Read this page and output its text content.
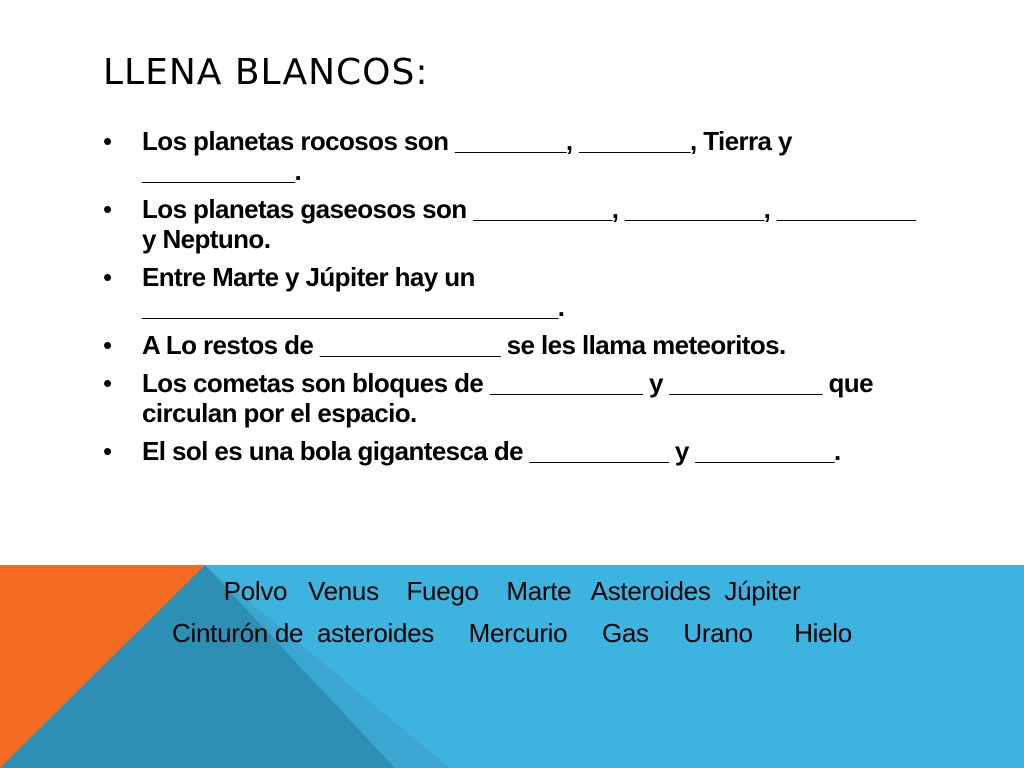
LLENA BLANCOS:
• Los planetas rocosos son ________, ________, Tierra y ___________.
• Los planetas gaseosos son __________, __________, __________ y Neptuno.
• Entre Marte y Júpiter hay un ______________________________.
• A Lo restos de _____________ se les llama meteoritos.
• Los cometas son bloques de ___________ y ___________ que circulan por el espacio.
• El sol es una bola gigantesca de __________ y __________.
Polvo   Venus    Fuego    Marte   Asteroides  Júpiter
Cinturón de  asteroides     Mercurio     Gas     Urano      Hielo
